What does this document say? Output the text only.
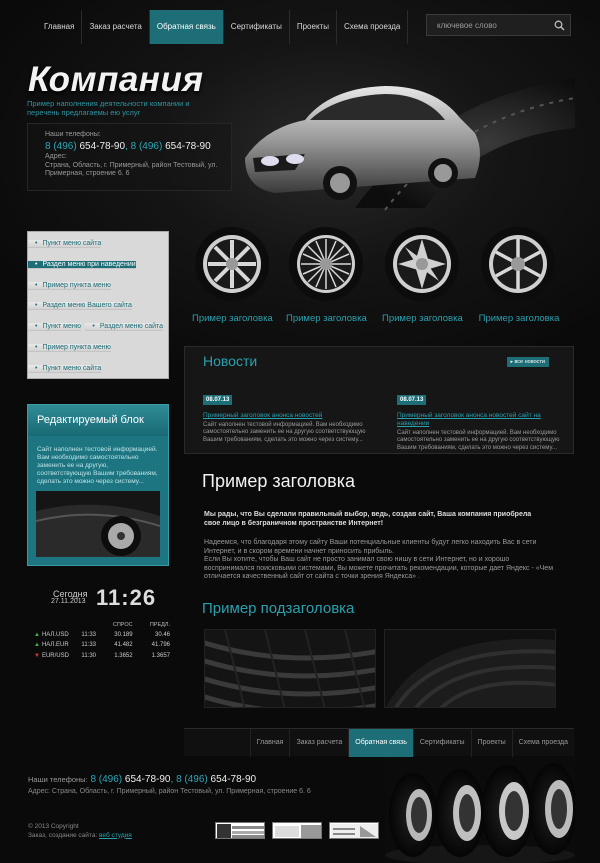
Главная	Заказ расчета	Обратная связь	Сертификаты	Проекты	Схема проезда
ключевое слово
Компания
Пример наполнения деятельности компании и перечень предлагаемы ею услуг
Наши телефоны:
8 (496) 654-78-90, 8 (496) 654-78-90
Адрес:
Страна, Область, г. Примерный, район Тестовый, ул. Примерная, строение 6. 6
• Пункт меню сайта • Раздел меню при наведении • Пример пункта меню • Раздел меню Вашего сайта • Пункт меню	• Раздел меню сайта • Пример пункта меню • Пункт меню сайта
Редактируемый блок
Сайт наполнен тестовой информацией. Вам необходимо самостоятельно заменить ее на другую, соответствующую Вашим требованиям, сделать это можно через систему...
Сегодня
27.11.2013 11:26
		СПРОС	ПРЕДЛ.
▲ НАЛ.USD	11:33	30.189	30.46
▲ НАЛ.EUR	11:33	41.482	41.796
▼ EUR/USD	11:30	1.3652	1.3657
Пример заголовка Пример заголовка Пример заголовка Пример заголовка
Новости	▸ все новости
08.07.13
Примерный заголовок анонса новостей
Сайт наполнен тестовой информацией. Вам необходимо самостоятельно заменить ее на другую соответствующую Вашим требованиям, сделать это можно через систему...
08.07.13
Примерный заголовок анонса новостей сайт на наведении
Сайт наполнен тестовой информацией. Вам необходимо самостоятельно заменить ее на другую соответствующую Вашим требованиям, сделать это можно через систему...
Пример заголовка
Мы рады, что Вы сделали правильный выбор, ведь, создав сайт, Ваша компания приобрела свое лицо в безграничном пространстве Интернет!
Надеемся, что благодаря этому сайту Ваши потенциальные клиенты будут легко находить Вас в сети Интернет, и в скором времени начнет приносить прибыль.
Если Вы хотите, чтобы Ваш сайт не просто занимал свою нишу в сети Интернет, но и хорошо воспринимался поисковыми системами, Вы можете прочитать рекомендации, которые дает Яндекс - «Чем отличается качественный сайт от сайта с точки зрения Яндекса» .
Пример подзаголовка
Главная	Заказ расчета	Обратная связь	Сертификаты	Проекты	Схема проезда
Наши телефоны: 8 (496) 654-78-90, 8 (496) 654-78-90
Адрес: Страна, Область, г. Примерный, район Тестовый, ул. Примерная, строение 6. 6
© 2013 Copyright
Заказ, создание сайта: веб студия
